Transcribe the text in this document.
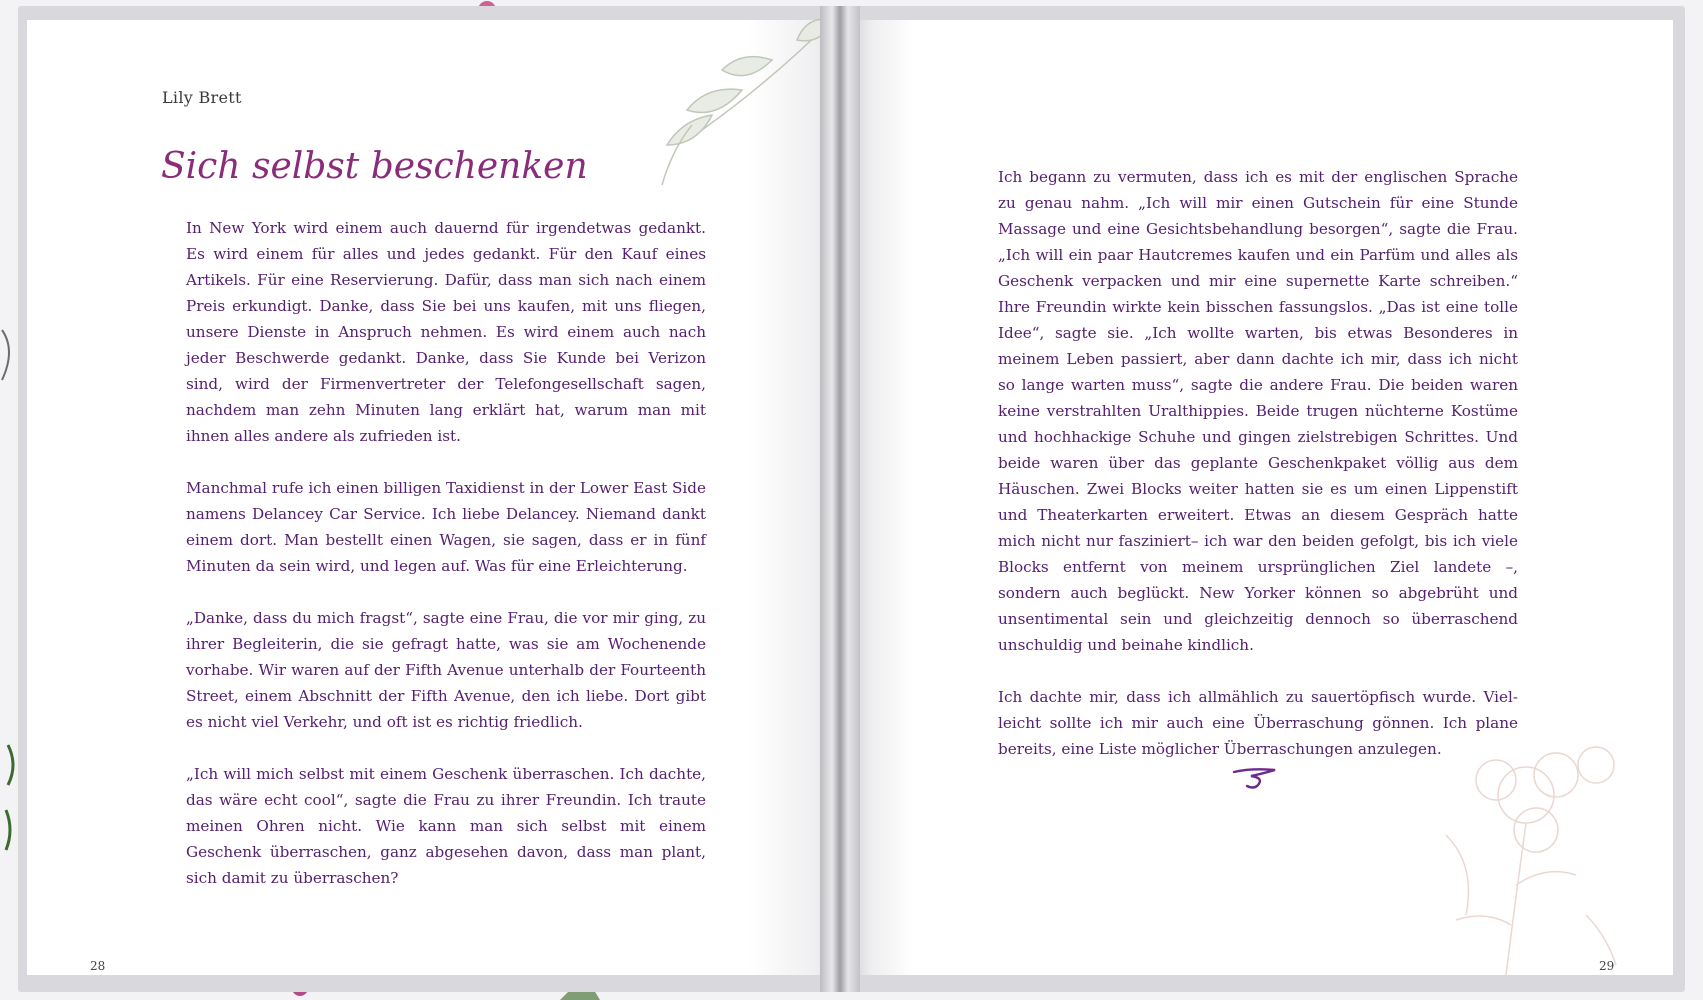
Lily Brett
Sich selbst beschenken

In New York wird einem auch dauernd für irgendetwas gedankt. Es wird einem für alles und jedes gedankt. Für den Kauf eines Artikels. Für eine Reservierung. Dafür, dass man sich nach einem Preis erkundigt. Danke, dass Sie bei uns kaufen, mit uns fliegen, unsere Dienste in Anspruch nehmen. Es wird einem auch nach jeder Beschwerde gedankt. Danke, dass Sie Kunde bei Verizon sind, wird der Firmenvertreter der Telefongesellschaft sagen, nachdem man zehn Minuten lang erklärt hat, warum man mit ihnen alles andere als zufrieden ist.

Manchmal rufe ich einen billigen Taxidienst in der Lower East Side namens Delancey Car Service. Ich liebe Delancey. Niemand dankt einem dort. Man bestellt einen Wagen, sie sagen, dass er in fünf Minuten da sein wird, und legen auf. Was für eine Erleichterung.

„Danke, dass du mich fragst“, sagte eine Frau, die vor mir ging, zu ihrer Begleiterin, die sie gefragt hatte, was sie am Wochenende vorhabe. Wir waren auf der Fifth Avenue unterhalb der Fourteenth Street, einem Abschnitt der Fifth Avenue, den ich liebe. Dort gibt es nicht viel Verkehr, und oft ist es richtig friedlich.

„Ich will mich selbst mit einem Geschenk überraschen. Ich dachte, das wäre echt cool“, sagte die Frau zu ihrer Freundin. Ich traute meinen Ohren nicht. Wie kann man sich selbst mit einem Geschenk überraschen, ganz abgesehen davon, dass man plant, sich damit zu überraschen?

28

Ich begann zu vermuten, dass ich es mit der englischen Sprache zu genau nahm. „Ich will mir einen Gutschein für eine Stunde Massage und eine Gesichtsbehandlung besorgen“, sagte die Frau. „Ich will ein paar Hautcremes kaufen und ein Parfüm und alles als Geschenk verpacken und mir eine supernette Karte schreiben.“ Ihre Freundin wirkte kein bisschen fassungslos. „Das ist eine tolle Idee“, sagte sie. „Ich wollte warten, bis etwas Besonderes in meinem Leben passiert, aber dann dachte ich mir, dass ich nicht so lange warten muss“, sagte die andere Frau. Die beiden waren keine verstrahlten Uralthippies. Beide trugen nüchterne Kostüme und hochhackige Schuhe und gingen zielstrebigen Schrittes. Und beide waren über das geplante Geschenkpaket völlig aus dem Häuschen. Zwei Blocks weiter hatten sie es um einen Lippenstift und Theaterkarten erweitert. Etwas an diesem Gespräch hatte mich nicht nur fasziniert– ich war den beiden gefolgt, bis ich viele Blocks entfernt von meinem ursprünglichen Ziel landete –, sondern auch beglückt. New Yorker können so abgebrüht und unsentimental sein und gleichzeitig dennoch so überraschend unschuldig und beinahe kindlich.

Ich dachte mir, dass ich allmählich zu sauertöpfisch wurde. Vielleicht sollte ich mir auch eine Überraschung gönnen. Ich plane bereits, eine Liste möglicher Überraschungen anzulegen.

29
